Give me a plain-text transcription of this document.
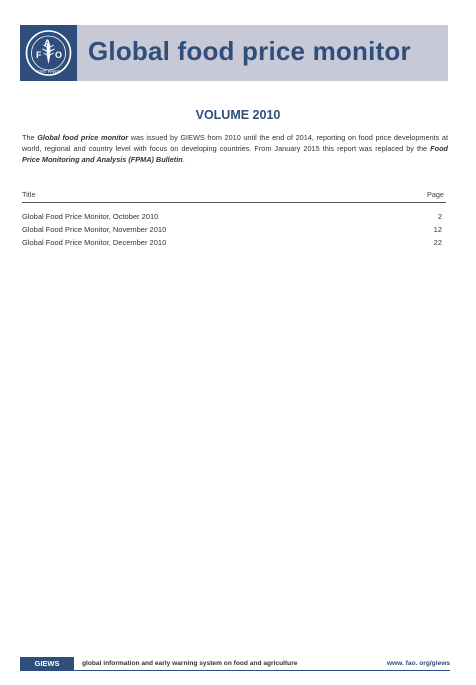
F
A
O
FIAT PANIS
Global food price monitor
VOLUME 2010

The Global food price monitor was issued by GIEWS from 2010 until the end of 2014, reporting on food price developments at world, regional and country level with focus on developing countries. From January 2015 this report was replaced by the Food Price Monitoring and Analysis (FPMA) Bulletin.

Title	Page
Global Food Price Monitor, October 2010	2
Global Food Price Monitor, November 2010	12
Global Food Price Monitor, December 2010	22
GIEWS	global information and early warning system on food and agriculture	www. fao. org/giews
